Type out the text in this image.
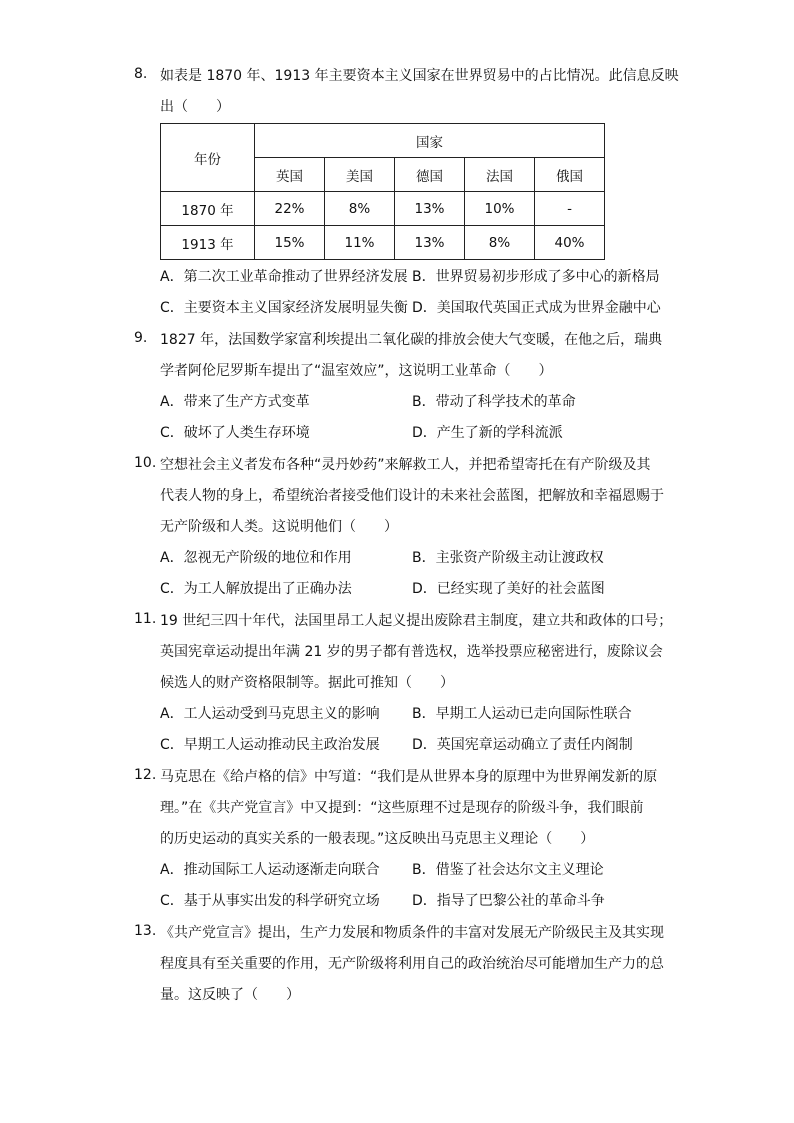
8. 如表是 1870 年、1913 年主要资本主义国家在世界贸易中的占比情况。此信息反映
出（　　）
年份	国家				
	英国	美国	德国	法国	俄国
1870 年	22%	8%	13%	10%	-
1913 年	15%	11%	13%	8%	40%
A．第二次工业革命推动了世界经济发展 B．世界贸易初步形成了多中心的新格局
C．主要资本主义国家经济发展明显失衡 D．美国取代英国正式成为世界金融中心
9. 1827 年，法国数学家富利埃提出二氧化碳的排放会使大气变暖，在他之后，瑞典
学者阿伦尼罗斯车提出了“温室效应”，这说明工业革命（　　）
A．带来了生产方式变革	B．带动了科学技术的革命
C．破坏了人类生存环境	D．产生了新的学科流派
10. 空想社会主义者发布各种“灵丹妙药”来解救工人，并把希望寄托在有产阶级及其
代表人物的身上，希望统治者接受他们设计的未来社会蓝图，把解放和幸福恩赐于
无产阶级和人类。这说明他们（　　）
A．忽视无产阶级的地位和作用	B．主张资产阶级主动让渡政权
C．为工人解放提出了正确办法	D．已经实现了美好的社会蓝图
11. 19 世纪三四十年代，法国里昂工人起义提出废除君主制度，建立共和政体的口号；
英国宪章运动提出年满 21 岁的男子都有普选权，选举投票应秘密进行，废除议会
候选人的财产资格限制等。据此可推知（　　）
A．工人运动受到马克思主义的影响 B．早期工人运动已走向国际性联合
C．早期工人运动推动民主政治发展 D．英国宪章运动确立了责任内阁制
12. 马克思在《给卢格的信》中写道：“我们是从世界本身的原理中为世界阐发新的原
理。”在《共产党宣言》中又提到：“这些原理不过是现存的阶级斗争，我们眼前
的历史运动的真实关系的一般表现。”这反映出马克思主义理论（　　）
A．推动国际工人运动逐渐走向联合 B．借鉴了社会达尔文主义理论
C．基于从事实出发的科学研究立场 D．指导了巴黎公社的革命斗争
13. 《共产党宣言》提出，生产力发展和物质条件的丰富对发展无产阶级民主及其实现
程度具有至关重要的作用，无产阶级将利用自己的政治统治尽可能增加生产力的总
量。这反映了（　　）
